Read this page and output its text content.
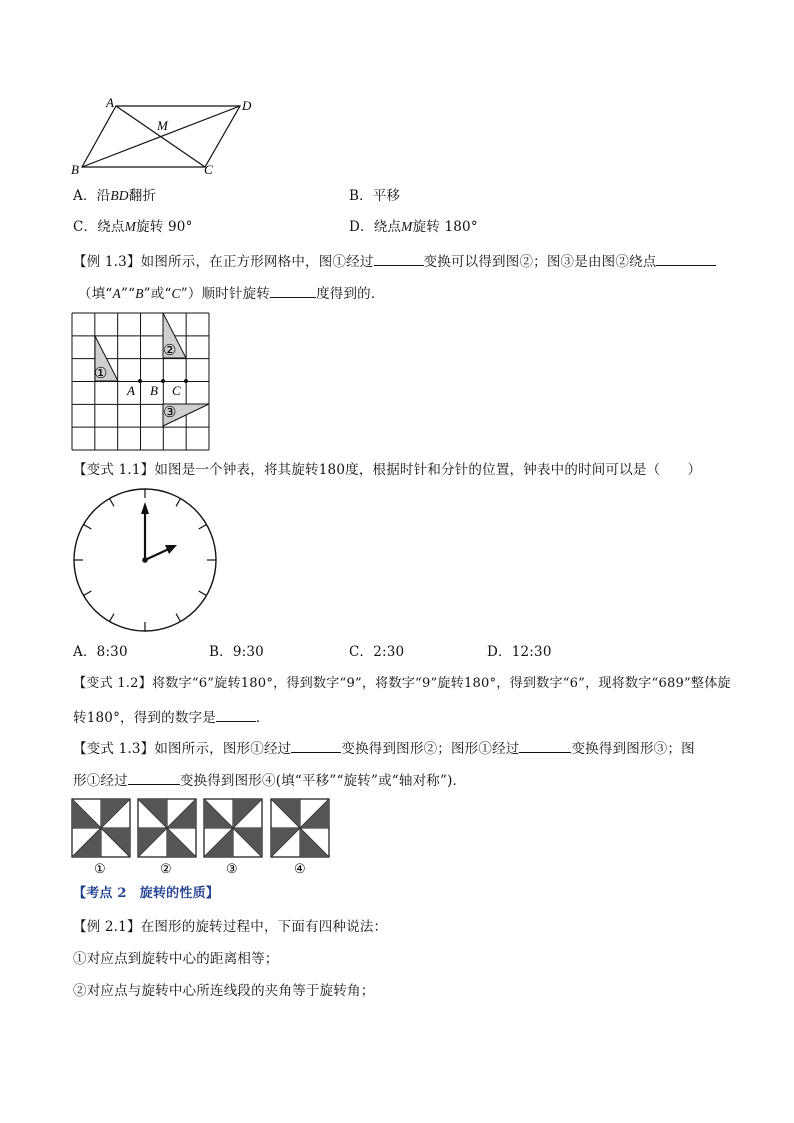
A	D
M
B	C
A．沿BD翻折	B．平移
C．绕点M旋转 90°	D．绕点M旋转 180°
【例 1.3】如图所示，在正方形网格中，图①经过	变换可以得到图②；图③是由图②绕点
（填“A”“B”或“C”）顺时针旋转	度得到的．
①
②
③
A B C
【变式 1.1】如图是一个钟表，将其旋转180度，根据时针和分针的位置，钟表中的时间可以是（　　）
A．8:30	B．9:30	C．2:30	D．12:30
【变式 1.2】将数字“6”旋转180°，得到数字“9”，将数字“9”旋转180°，得到数字“6”，现将数字“689”整体旋
转180°，得到的数字是	．
【变式 1.3】如图所示，图形①经过	变换得到图形②；图形①经过	变换得到图形③；图
形①经过	变换得到图形④(填“平移”“旋转”或“轴对称”)．
①	②	③	④
【考点 2　旋转的性质】
【例 2.1】在图形的旋转过程中，下面有四种说法：
①对应点到旋转中心的距离相等；
②对应点与旋转中心所连线段的夹角等于旋转角；
